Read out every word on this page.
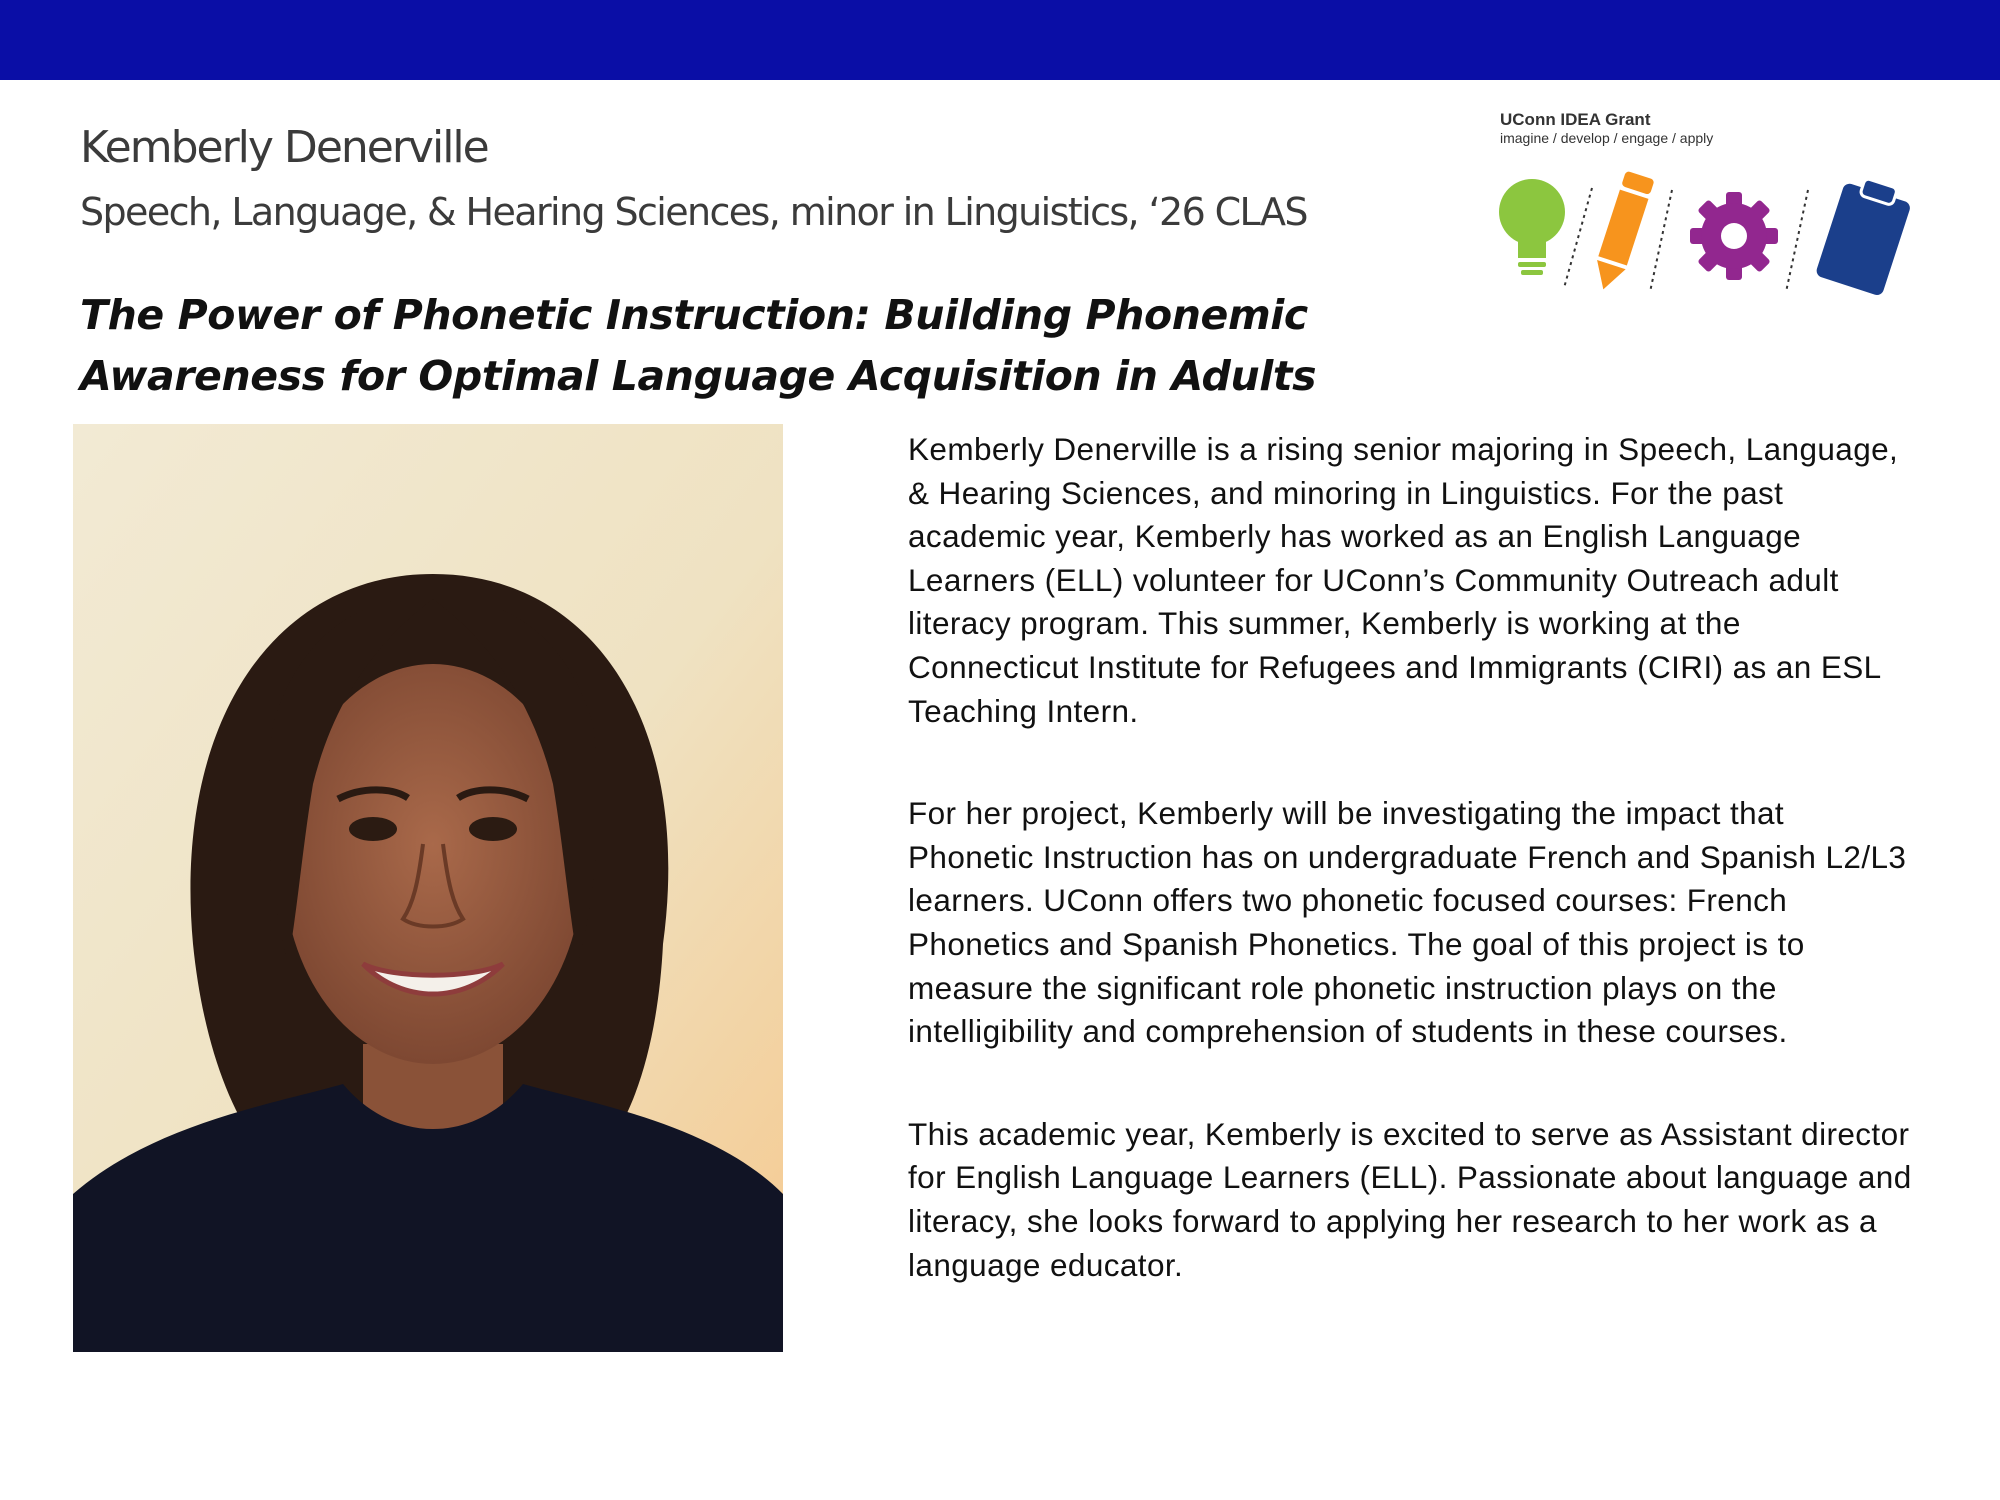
Kemberly Denerville
Speech, Language, & Hearing Sciences, minor in Linguistics, ‘26 CLAS
The Power of Phonetic Instruction: Building Phonemic Awareness for Optimal Language Acquisition in Adults
UConn IDEA Grant
imagine / develop / engage / apply

Kemberly Denerville is a rising senior majoring in Speech, Language, & Hearing Sciences, and minoring in Linguistics. For the past academic year, Kemberly has worked as an English Language Learners (ELL) volunteer for UConn’s Community Outreach adult literacy program. This summer, Kemberly is working at the Connecticut Institute for Refugees and Immigrants (CIRI) as an ESL Teaching Intern.

For her project, Kemberly will be investigating the impact that Phonetic Instruction has on undergraduate French and Spanish L2/L3 learners. UConn offers two phonetic focused courses: French Phonetics and Spanish Phonetics. The goal of this project is to measure the significant role phonetic instruction plays on the intelligibility and comprehension of students in these courses.

This academic year, Kemberly is excited to serve as Assistant director for English Language Learners (ELL). Passionate about language and literacy, she looks forward to applying her research to her work as a language educator.
